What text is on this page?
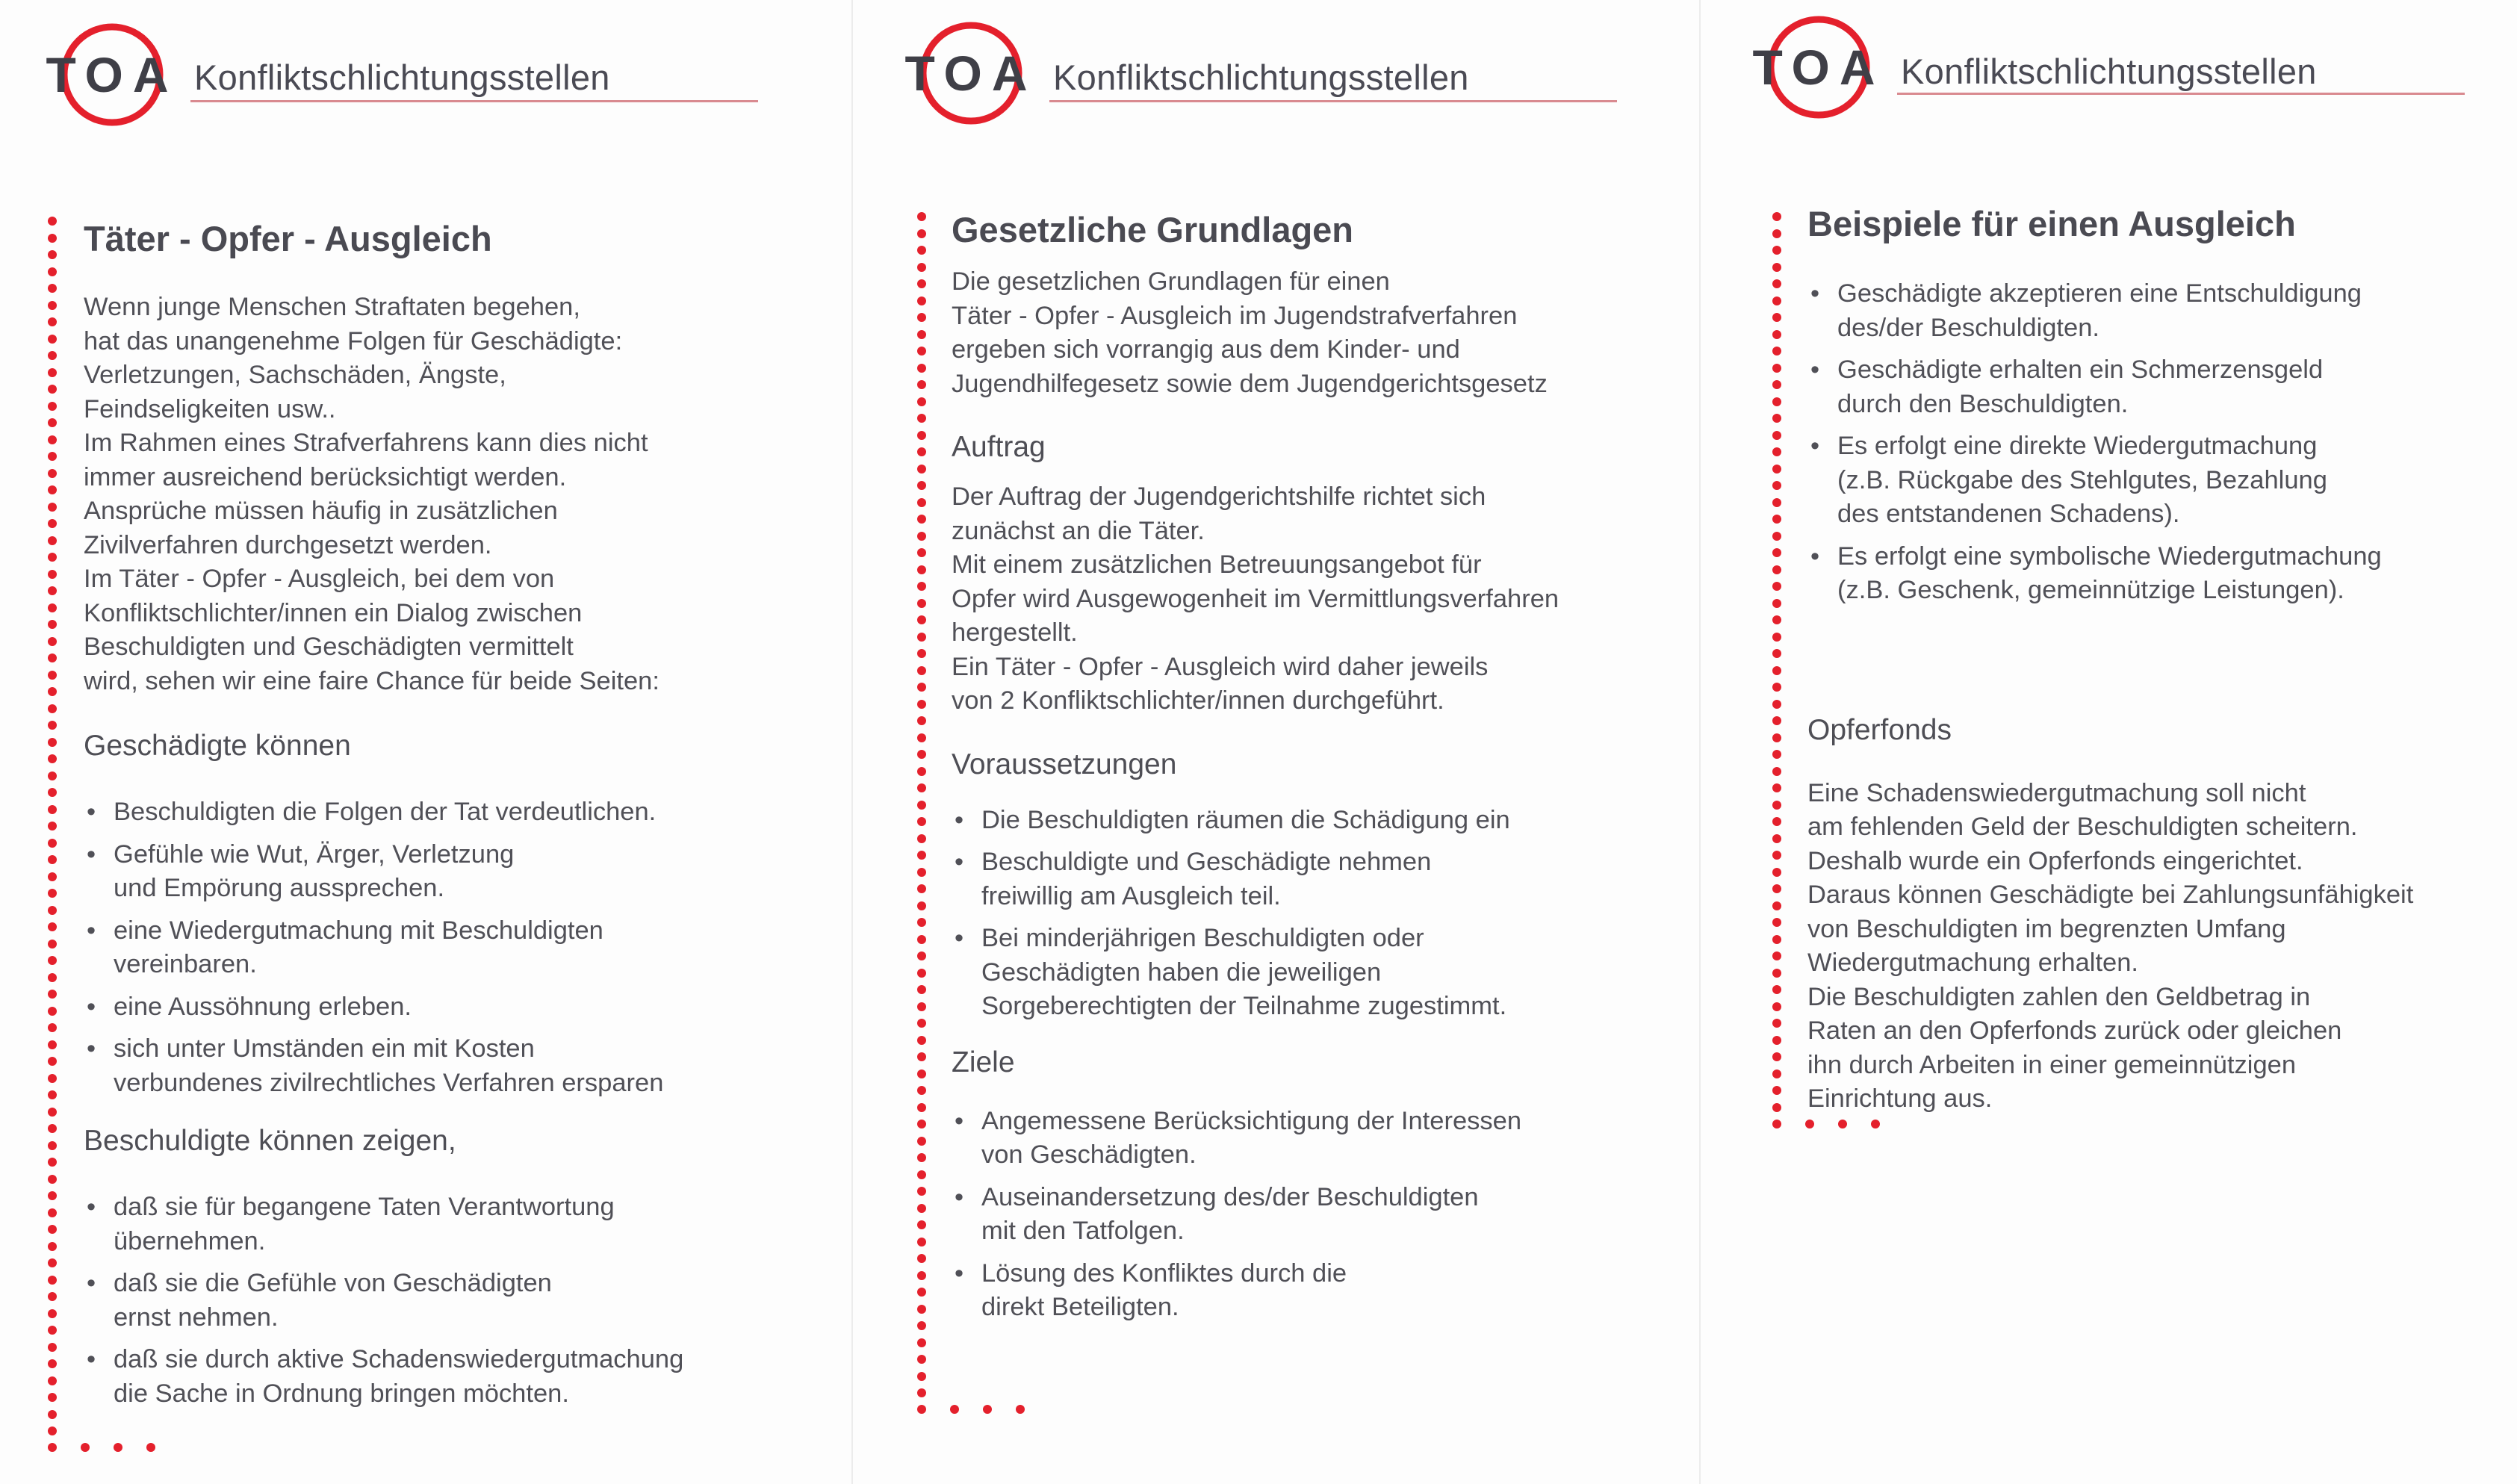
TOA Konfliktschlichtungsstellen
Täter - Opfer - Ausgleich

Wenn junge Menschen Straftaten begehen,
hat das unangenehme Folgen für Geschädigte:
Verletzungen, Sachschäden, Ängste,
Feindseligkeiten usw..
Im Rahmen eines Strafverfahrens kann dies nicht
immer ausreichend berücksichtigt werden.
Ansprüche müssen häufig in zusätzlichen
Zivilverfahren durchgesetzt werden.
Im Täter - Opfer - Ausgleich, bei dem von
Konfliktschlichter/innen ein Dialog zwischen
Beschuldigten und Geschädigten vermittelt
wird, sehen wir eine faire Chance für beide Seiten:

Geschädigte können
• Beschuldigten die Folgen der Tat verdeutlichen.
• Gefühle wie Wut, Ärger, Verletzung
und Empörung aussprechen.
• eine Wiedergutmachung mit Beschuldigten
vereinbaren.
• eine Aussöhnung erleben.
• sich unter Umständen ein mit Kosten
verbundenes zivilrechtliches Verfahren ersparen
Beschuldigte können zeigen,
• daß sie für begangene Taten Verantwortung
übernehmen.
• daß sie die Gefühle von Geschädigten
ernst nehmen.
• daß sie durch aktive Schadenswiedergutmachung
die Sache in Ordnung bringen möchten.
TOA Konfliktschlichtungsstellen
Gesetzliche Grundlagen

Die gesetzlichen Grundlagen für einen
Täter - Opfer - Ausgleich im Jugendstrafverfahren
ergeben sich vorrangig aus dem Kinder- und
Jugendhilfegesetz sowie dem Jugendgerichtsgesetz

Auftrag

Der Auftrag der Jugendgerichtshilfe richtet sich
zunächst an die Täter.
Mit einem zusätzlichen Betreuungsangebot für
Opfer wird Ausgewogenheit im Vermittlungsverfahren
hergestellt.
Ein Täter - Opfer - Ausgleich wird daher jeweils
von 2 Konfliktschlichter/innen durchgeführt.

Voraussetzungen
• Die Beschuldigten räumen die Schädigung ein
• Beschuldigte und Geschädigte nehmen
freiwillig am Ausgleich teil.
• Bei minderjährigen Beschuldigten oder
Geschädigten haben die jeweiligen
Sorgeberechtigten der Teilnahme zugestimmt.
Ziele
• Angemessene Berücksichtigung der Interessen
von Geschädigten.
• Auseinandersetzung des/der Beschuldigten
mit den Tatfolgen.
• Lösung des Konfliktes durch die
direkt Beteiligten.
TOA Konfliktschlichtungsstellen
Beispiele für einen Ausgleich
• Geschädigte akzeptieren eine Entschuldigung
des/der Beschuldigten.
• Geschädigte erhalten ein Schmerzensgeld
durch den Beschuldigten.
• Es erfolgt eine direkte Wiedergutmachung
(z.B. Rückgabe des Stehlgutes, Bezahlung
des entstandenen Schadens).
• Es erfolgt eine symbolische Wiedergutmachung
(z.B. Geschenk, gemeinnützige Leistungen).
Opferfonds

Eine Schadenswiedergutmachung soll nicht
am fehlenden Geld der Beschuldigten scheitern.
Deshalb wurde ein Opferfonds eingerichtet.
Daraus können Geschädigte bei Zahlungsunfähigkeit
von Beschuldigten im begrenzten Umfang
Wiedergutmachung erhalten.
Die Beschuldigten zahlen den Geldbetrag in
Raten an den Opferfonds zurück oder gleichen
ihn durch Arbeiten in einer gemeinnützigen
Einrichtung aus.
